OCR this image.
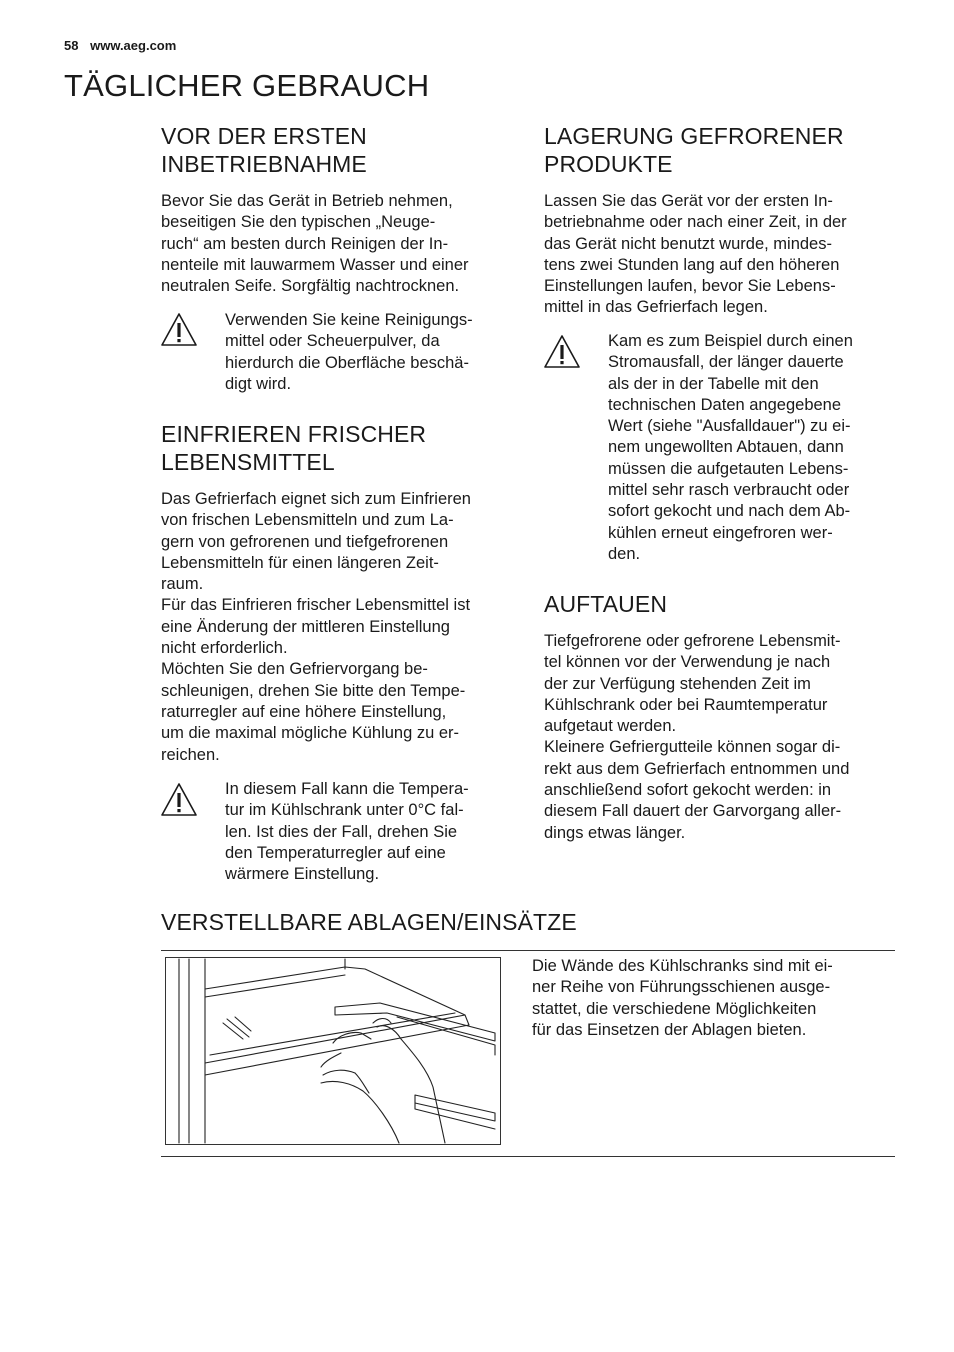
58 www.aeg.com
TÄGLICHER GEBRAUCH
VOR DER ERSTEN
INBETRIEBNAHME
Bevor Sie das Gerät in Betrieb nehmen,
beseitigen Sie den typischen „Neuge-
ruch“ am besten durch Reinigen der In-
nenteile mit lauwarmem Wasser und einer
neutralen Seife. Sorgfältig nachtrocknen.
Verwenden Sie keine Reinigungs-
mittel oder Scheuerpulver, da
hierdurch die Oberfläche beschä-
digt wird.
EINFRIEREN FRISCHER
LEBENSMITTEL
Das Gefrierfach eignet sich zum Einfrieren
von frischen Lebensmitteln und zum La-
gern von gefrorenen und tiefgefrorenen
Lebensmitteln für einen längeren Zeit-
raum.
Für das Einfrieren frischer Lebensmittel ist
eine Änderung der mittleren Einstellung
nicht erforderlich.
Möchten Sie den Gefriervorgang be-
schleunigen, drehen Sie bitte den Tempe-
raturregler auf eine höhere Einstellung,
um die maximal mögliche Kühlung zu er-
reichen.
In diesem Fall kann die Tempera-
tur im Kühlschrank unter 0°C fal-
len. Ist dies der Fall, drehen Sie
den Temperaturregler auf eine
wärmere Einstellung.
LAGERUNG GEFRORENER
PRODUKTE
Lassen Sie das Gerät vor der ersten In-
betriebnahme oder nach einer Zeit, in der
das Gerät nicht benutzt wurde, mindes-
tens zwei Stunden lang auf den höheren
Einstellungen laufen, bevor Sie Lebens-
mittel in das Gefrierfach legen.
Kam es zum Beispiel durch einen
Stromausfall, der länger dauerte
als der in der Tabelle mit den
technischen Daten angegebene
Wert (siehe "Ausfalldauer") zu ei-
nem ungewollten Abtauen, dann
müssen die aufgetauten Lebens-
mittel sehr rasch verbraucht oder
sofort gekocht und nach dem Ab-
kühlen erneut eingefroren wer-
den.
AUFTAUEN
Tiefgefrorene oder gefrorene Lebensmit-
tel können vor der Verwendung je nach
der zur Verfügung stehenden Zeit im
Kühlschrank oder bei Raumtemperatur
aufgetaut werden.
Kleinere Gefriergutteile können sogar di-
rekt aus dem Gefrierfach entnommen und
anschließend sofort gekocht werden: in
diesem Fall dauert der Garvorgang aller-
dings etwas länger.
VERSTELLBARE ABLAGEN/EINSÄTZE
Die Wände des Kühlschranks sind mit ei-
ner Reihe von Führungsschienen ausge-
stattet, die verschiedene Möglichkeiten
für das Einsetzen der Ablagen bieten.
